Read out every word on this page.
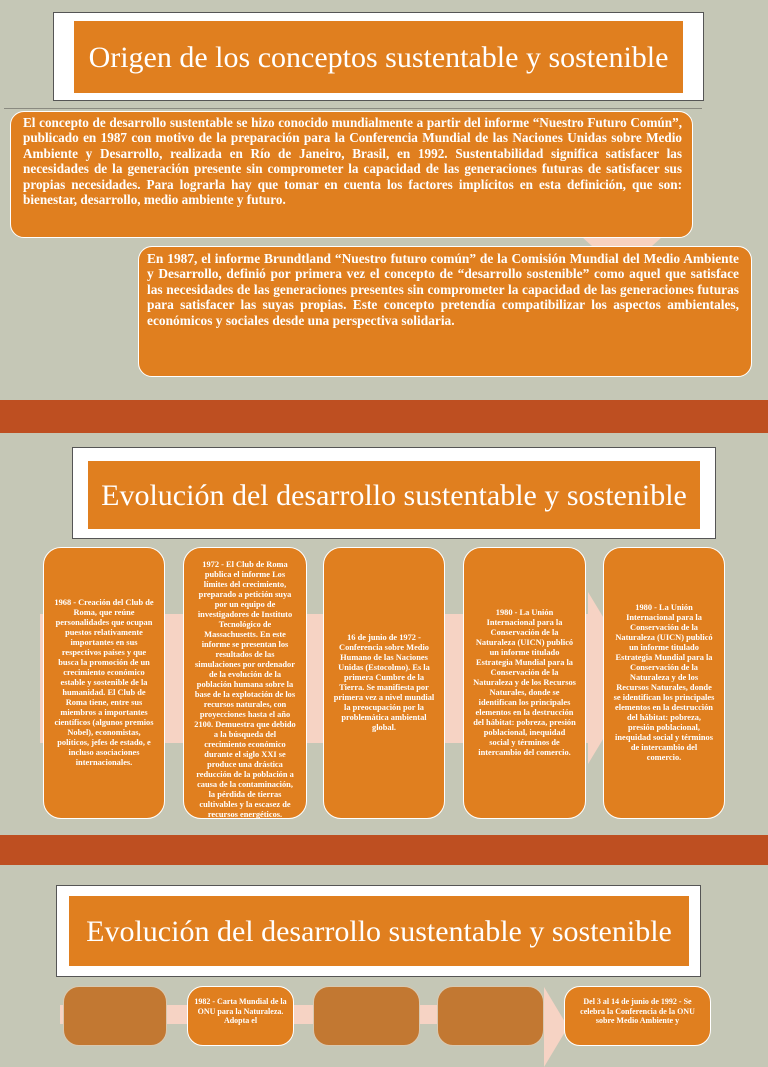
Origen de los conceptos sustentable y sostenible
El concepto de desarrollo sustentable se hizo conocido mundialmente a partir del informe “Nuestro Futuro Común”, publicado en 1987 con motivo de la preparación para la Conferencia Mundial de las Naciones Unidas sobre Medio Ambiente y Desarrollo, realizada en Río de Janeiro, Brasil, en 1992. Sustentabilidad significa satisfacer las necesidades de la generación presente sin comprometer la capacidad de las generaciones futuras de satisfacer sus propias necesidades. Para lograrla hay que tomar en cuenta los factores implícitos en esta definición, que son: bienestar, desarrollo, medio ambiente y futuro.
En 1987, el informe Brundtland “Nuestro futuro común” de la Comisión Mundial del Medio Ambiente y Desarrollo, definió por primera vez el concepto de “desarrollo sostenible” como aquel que satisface las necesidades de las generaciones presentes sin comprometer la capacidad de las generaciones futuras para satisfacer las suyas propias. Este concepto pretendía compatibilizar los aspectos ambientales, económicos y sociales desde una perspectiva solidaria.
Evolución del desarrollo sustentable y sostenible
1968 - Creación del Club de Roma, que reúne personalidades que ocupan puestos relativamente importantes en sus respectivos países y que busca la promoción de un crecimiento económico estable y sostenible de la humanidad. El Club de Roma tiene, entre sus miembros a importantes científicos (algunos premios Nobel), economistas, políticos, jefes de estado, e incluso asociaciones internacionales.
1972 - El Club de Roma publica el informe Los límites del crecimiento, preparado a petición suya por un equipo de investigadores de Instituto Tecnológico de Massachusetts. En este informe se presentan los resultados de las simulaciones por ordenador de la evolución de la población humana sobre la base de la explotación de los recursos naturales, con proyecciones hasta el año 2100. Demuestra que debido a la búsqueda del crecimiento económico durante el siglo XXI se produce una drástica reducción de la población a causa de la contaminación, la pérdida de tierras cultivables y la escasez de recursos energéticos.
16 de junio de 1972 - Conferencia sobre Medio Humano de las Naciones Unidas (Estocolmo). Es la primera Cumbre de la Tierra. Se manifiesta por primera vez a nivel mundial la preocupación por la problemática ambiental global.
1980 - La Unión Internacional para la Conservación de la Naturaleza (UICN) publicó un informe titulado Estrategia Mundial para la Conservación de la Naturaleza y de los Recursos Naturales, donde se identifican los principales elementos en la destrucción del hábitat: pobreza, presión poblacional, inequidad social y términos de intercambio del comercio.
1980 - La Unión Internacional para la Conservación de la Naturaleza (UICN) publicó un informe titulado Estrategia Mundial para la Conservación de la Naturaleza y de los Recursos Naturales, donde se identifican los principales elementos en la destrucción del hábitat: pobreza, presión poblacional, inequidad social y términos de intercambio del comercio.
Evolución del desarrollo sustentable y sostenible
1982 - Carta Mundial de la ONU para la Naturaleza. Adopta el
Del 3 al 14 de junio de 1992 - Se celebra la Conferencia de la ONU sobre Medio Ambiente y
